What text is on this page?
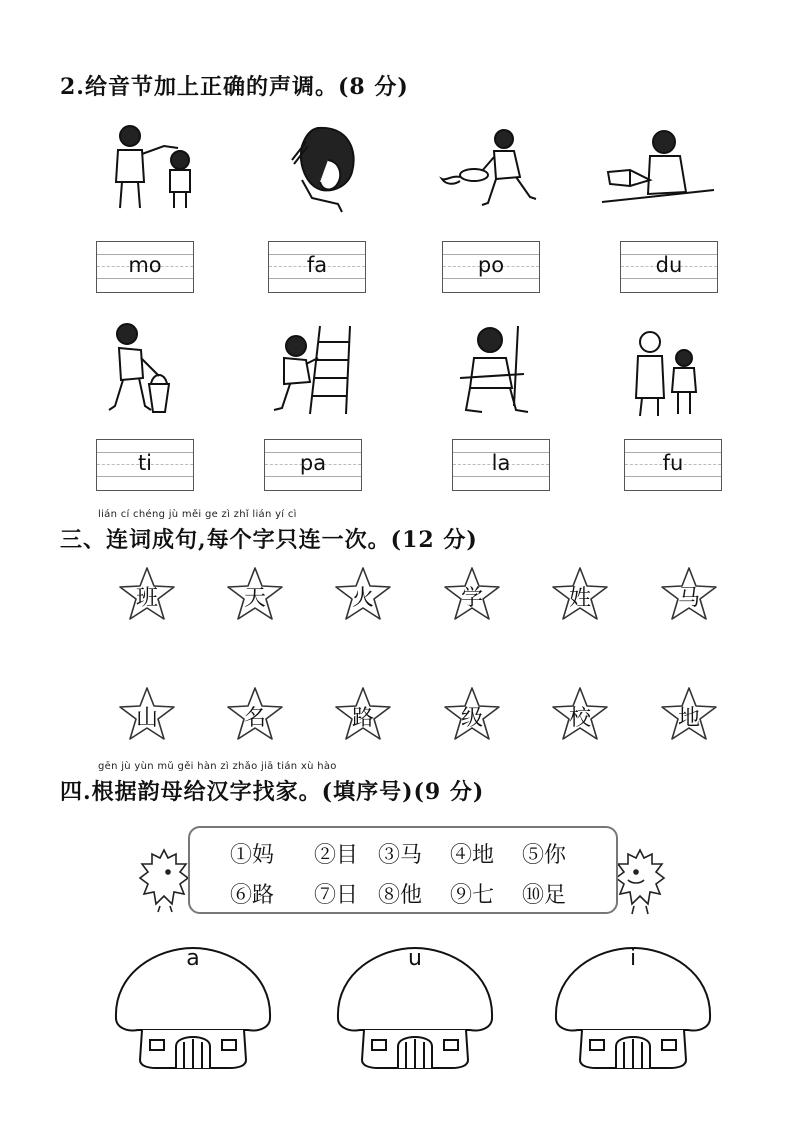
2.给音节加上正确的声调。(8 分)
mo	fa	po	du
ti	pa	la	fu
lián cí chéng jù měi ge zì zhǐ lián yí cì
三、连词成句,每个字只连一次。(12 分)
班	天	火	学	姓	马
山	名	路	级	校	地
gēn jù yùn mǔ gěi hàn zì zhǎo jiā tián xù hào
四.根据韵母给汉字找家。(填序号)(9 分)
①妈 ②目 ③马 ④地 ⑤你
⑥路 ⑦日 ⑧他 ⑨七 ⑩足
a	u	i
